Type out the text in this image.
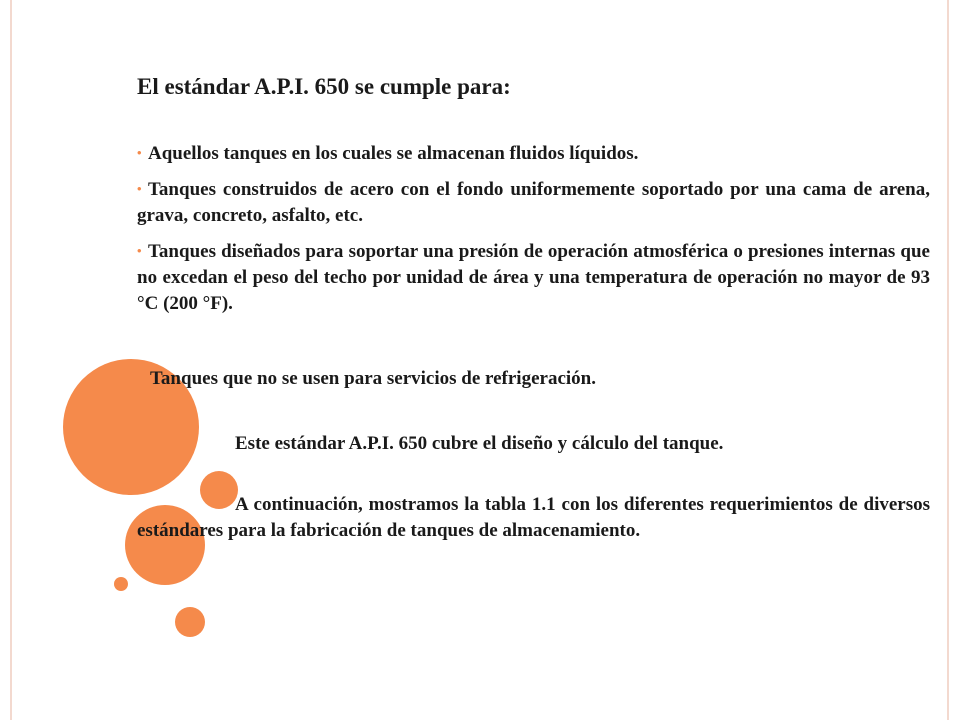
El estándar A.P.I. 650 se cumple para:
• Aquellos tanques en los cuales se almacenan fluidos líquidos.
• Tanques construidos de acero con el fondo uniformemente soportado por una cama de arena, grava, concreto, asfalto, etc.
• Tanques diseñados para soportar una presión de operación atmosférica o presiones internas que no excedan el peso del techo por unidad de área y una temperatura de operación no mayor de 93 °C (200 °F).
Tanques que no se usen para servicios de refrigeración.
Este estándar A.P.I. 650 cubre el diseño y cálculo del tanque.

A continuación, mostramos la tabla 1.1 con los diferentes requerimientos de diversos estándares para la fabricación de tanques de almacenamiento.
